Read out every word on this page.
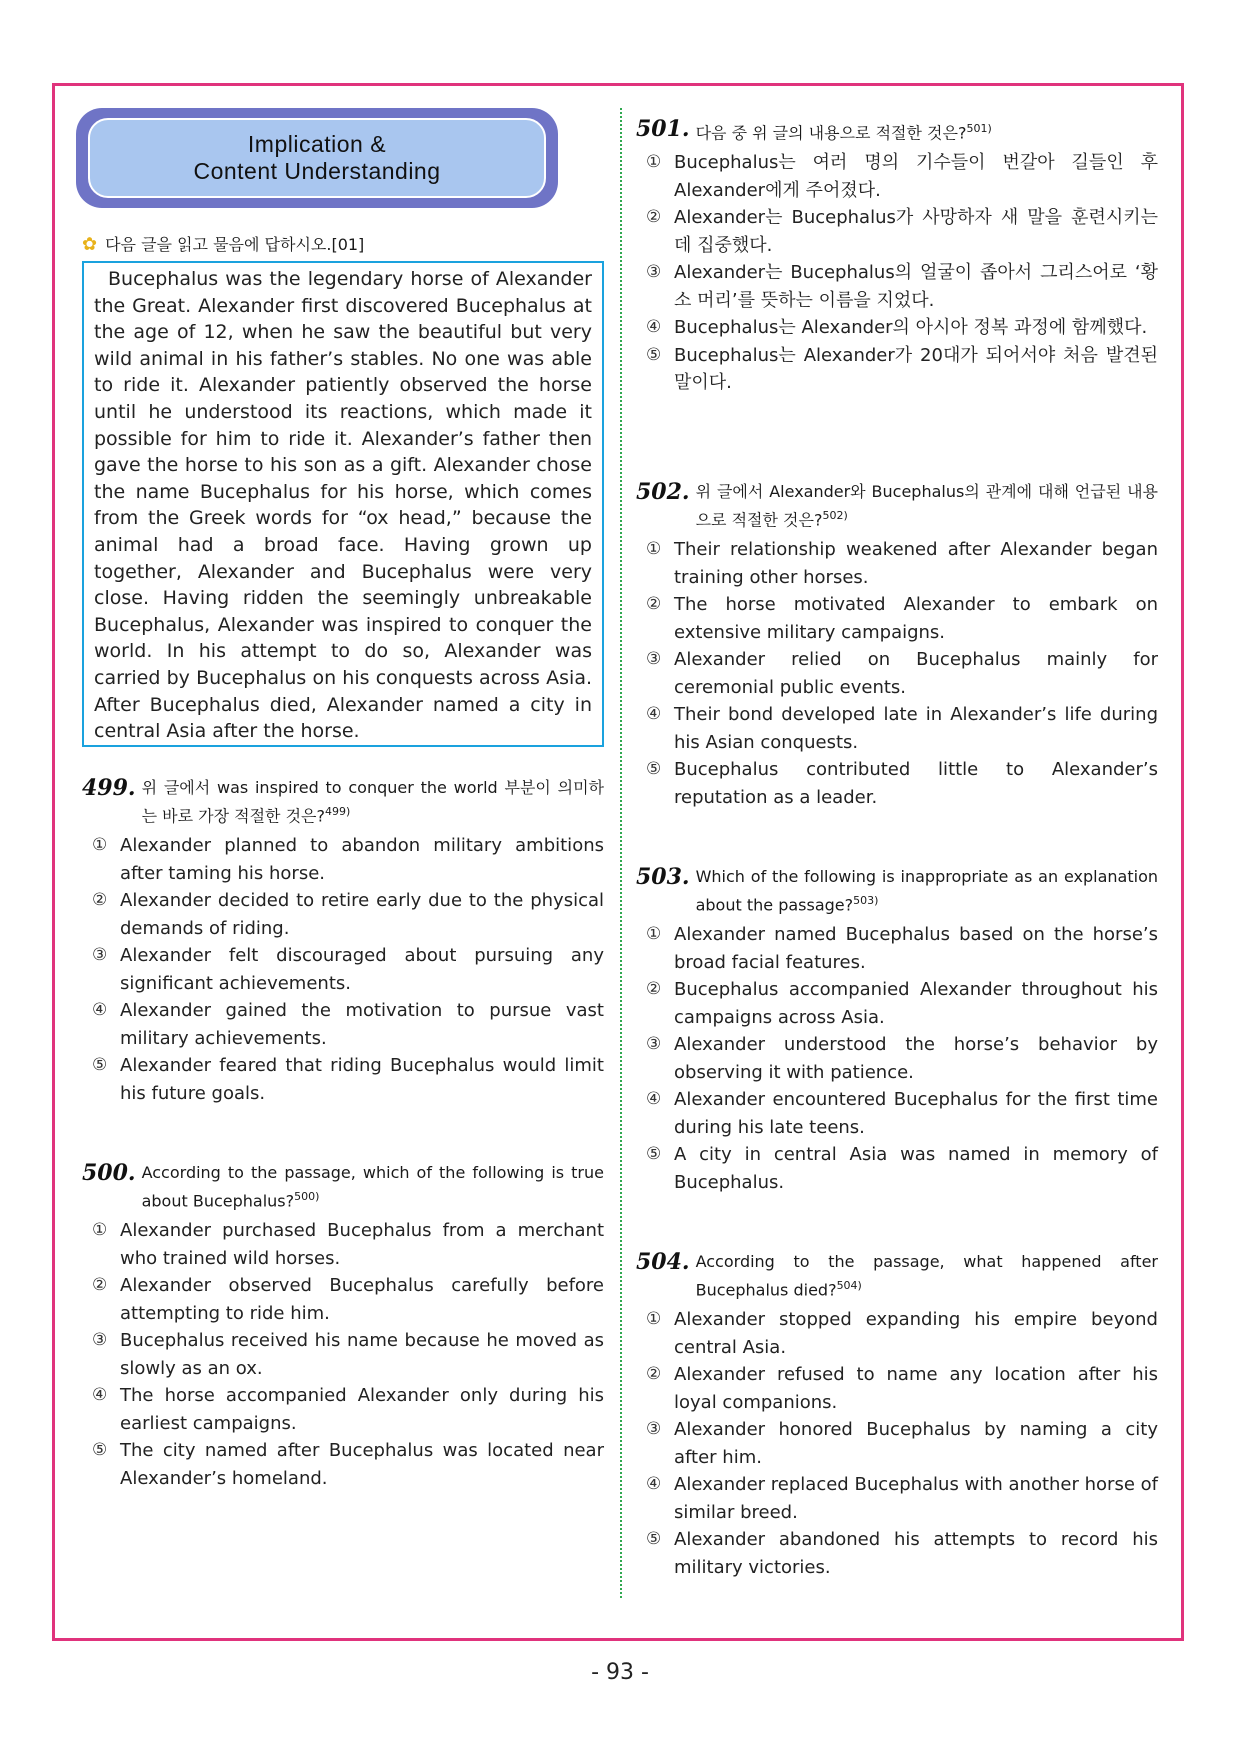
Implication &
Content Understanding
✿ 다음 글을 읽고 물음에 답하시오.[01]

Bucephalus was the legendary horse of Alexander the Great. Alexander first discovered Bucephalus at the age of 12, when he saw the beautiful but very wild animal in his father’s stables. No one was able to ride it. Alexander patiently observed the horse until he understood its reactions, which made it possible for him to ride it. Alexander’s father then gave the horse to his son as a gift. Alexander chose the name Bucephalus for his horse, which comes from the Greek words for “ox head,” because the animal had a broad face. Having grown up together, Alexander and Bucephalus were very close. Having ridden the seemingly unbreakable Bucephalus, Alexander was inspired to conquer the world. In his attempt to do so, Alexander was carried by Bucephalus on his conquests across Asia. After Bucephalus died, Alexander named a city in central Asia after the horse.

499. 위 글에서 was inspired to conquer the world 부분이 의미하는 바로 가장 적절한 것은?$^{499)}$
① Alexander planned to abandon military ambitions after taming his horse.
② Alexander decided to retire early due to the physical demands of riding.
③ Alexander felt discouraged about pursuing any significant achievements.
④ Alexander gained the motivation to pursue vast military achievements.
⑤ Alexander feared that riding Bucephalus would limit his future goals.
500. According to the passage, which of the following is true about Bucephalus?$^{500)}$
① Alexander purchased Bucephalus from a merchant who trained wild horses.
② Alexander observed Bucephalus carefully before attempting to ride him.
③ Bucephalus received his name because he moved as slowly as an ox.
④ The horse accompanied Alexander only during his earliest campaigns.
⑤ The city named after Bucephalus was located near Alexander’s homeland.
501. 다음 중 위 글의 내용으로 적절한 것은?$^{501)}$
① Bucephalus는 여러 명의 기수들이 번갈아 길들인 후 Alexander에게 주어졌다.
② Alexander는 Bucephalus가 사망하자 새 말을 훈련시키는 데 집중했다.
③ Alexander는 Bucephalus의 얼굴이 좁아서 그리스어로 ‘황소 머리’를 뜻하는 이름을 지었다.
④ Bucephalus는 Alexander의 아시아 정복 과정에 함께했다.
⑤ Bucephalus는 Alexander가 20대가 되어서야 처음 발견된 말이다.
502. 위 글에서 Alexander와 Bucephalus의 관계에 대해 언급된 내용으로 적절한 것은?$^{502)}$
① Their relationship weakened after Alexander began training other horses.
② The horse motivated Alexander to embark on extensive military campaigns.
③ Alexander relied on Bucephalus mainly for ceremonial public events.
④ Their bond developed late in Alexander’s life during his Asian conquests.
⑤ Bucephalus contributed little to Alexander’s reputation as a leader.
503. Which of the following is inappropriate as an explanation about the passage?$^{503)}$
① Alexander named Bucephalus based on the horse’s broad facial features.
② Bucephalus accompanied Alexander throughout his campaigns across Asia.
③ Alexander understood the horse’s behavior by observing it with patience.
④ Alexander encountered Bucephalus for the first time during his late teens.
⑤ A city in central Asia was named in memory of Bucephalus.
504. According to the passage, what happened after Bucephalus died?$^{504)}$
① Alexander stopped expanding his empire beyond central Asia.
② Alexander refused to name any location after his loyal companions.
③ Alexander honored Bucephalus by naming a city after him.
④ Alexander replaced Bucephalus with another horse of similar breed.
⑤ Alexander abandoned his attempts to record his military victories.
- 93 -
